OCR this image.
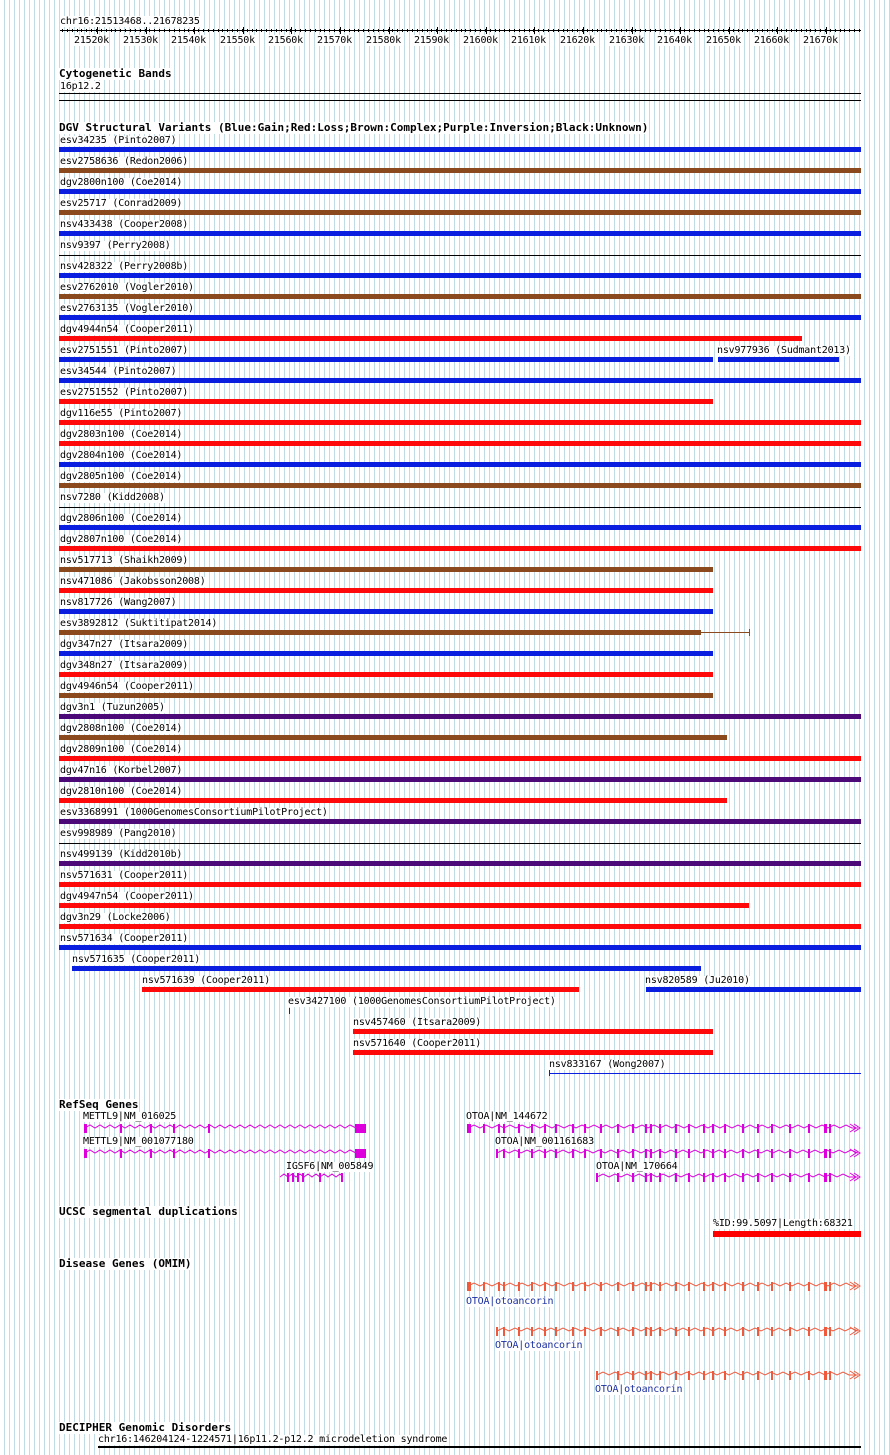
chr16:21513468..21678235
21520k 21530k 21540k 21550k 21560k 21570k 21580k 21590k 21600k 21610k 21620k 21630k 21640k 21650k 21660k 21670k
Cytogenetic Bands
16p12.2
DGV Structural Variants (Blue:Gain;Red:Loss;Brown:Complex;Purple:Inversion;Black:Unknown)
esv34235 (Pinto2007)
esv2758636 (Redon2006)
dgv2800n100 (Coe2014)
esv25717 (Conrad2009)
nsv433438 (Cooper2008)
nsv9397 (Perry2008)
nsv428322 (Perry2008b)
esv2762010 (Vogler2010)
esv2763135 (Vogler2010)
dgv4944n54 (Cooper2011)
esv2751551 (Pinto2007)	nsv977936 (Sudmant2013)
esv34544 (Pinto2007)
esv2751552 (Pinto2007)
dgv116e55 (Pinto2007)
dgv2803n100 (Coe2014)
dgv2804n100 (Coe2014)
dgv2805n100 (Coe2014)
nsv7280 (Kidd2008)
dgv2806n100 (Coe2014)
dgv2807n100 (Coe2014)
nsv517713 (Shaikh2009)
nsv471086 (Jakobsson2008)
nsv817726 (Wang2007)
esv3892812 (Suktitipat2014)
dgv347n27 (Itsara2009)
dgv348n27 (Itsara2009)
dgv4946n54 (Cooper2011)
dgv3n1 (Tuzun2005)
dgv2808n100 (Coe2014)
dgv2809n100 (Coe2014)
dgv47n16 (Korbel2007)
dgv2810n100 (Coe2014)
esv3368991 (1000GenomesConsortiumPilotProject)
esv998989 (Pang2010)
nsv499139 (Kidd2010b)
nsv571631 (Cooper2011)
dgv4947n54 (Cooper2011)
dgv3n29 (Locke2006)
nsv571634 (Cooper2011)
nsv571635 (Cooper2011)
nsv571639 (Cooper2011)	nsv820589 (Ju2010)
esv3427100 (1000GenomesConsortiumPilotProject)
nsv457460 (Itsara2009)
nsv571640 (Cooper2011)
nsv833167 (Wong2007)
RefSeq Genes
METTL9|NM_016025
METTL9|NM_001077180
IGSF6|NM_005849
OTOA|NM_144672
OTOA|NM_001161683
OTOA|NM_170664
UCSC segmental duplications
%ID:99.5097|Length:68321
Disease Genes (OMIM)
OTOA|otoancorin
OTOA|otoancorin
OTOA|otoancorin
DECIPHER Genomic Disorders
chr16:146204124-1224571|16p11.2-p12.2 microdeletion syndrome
